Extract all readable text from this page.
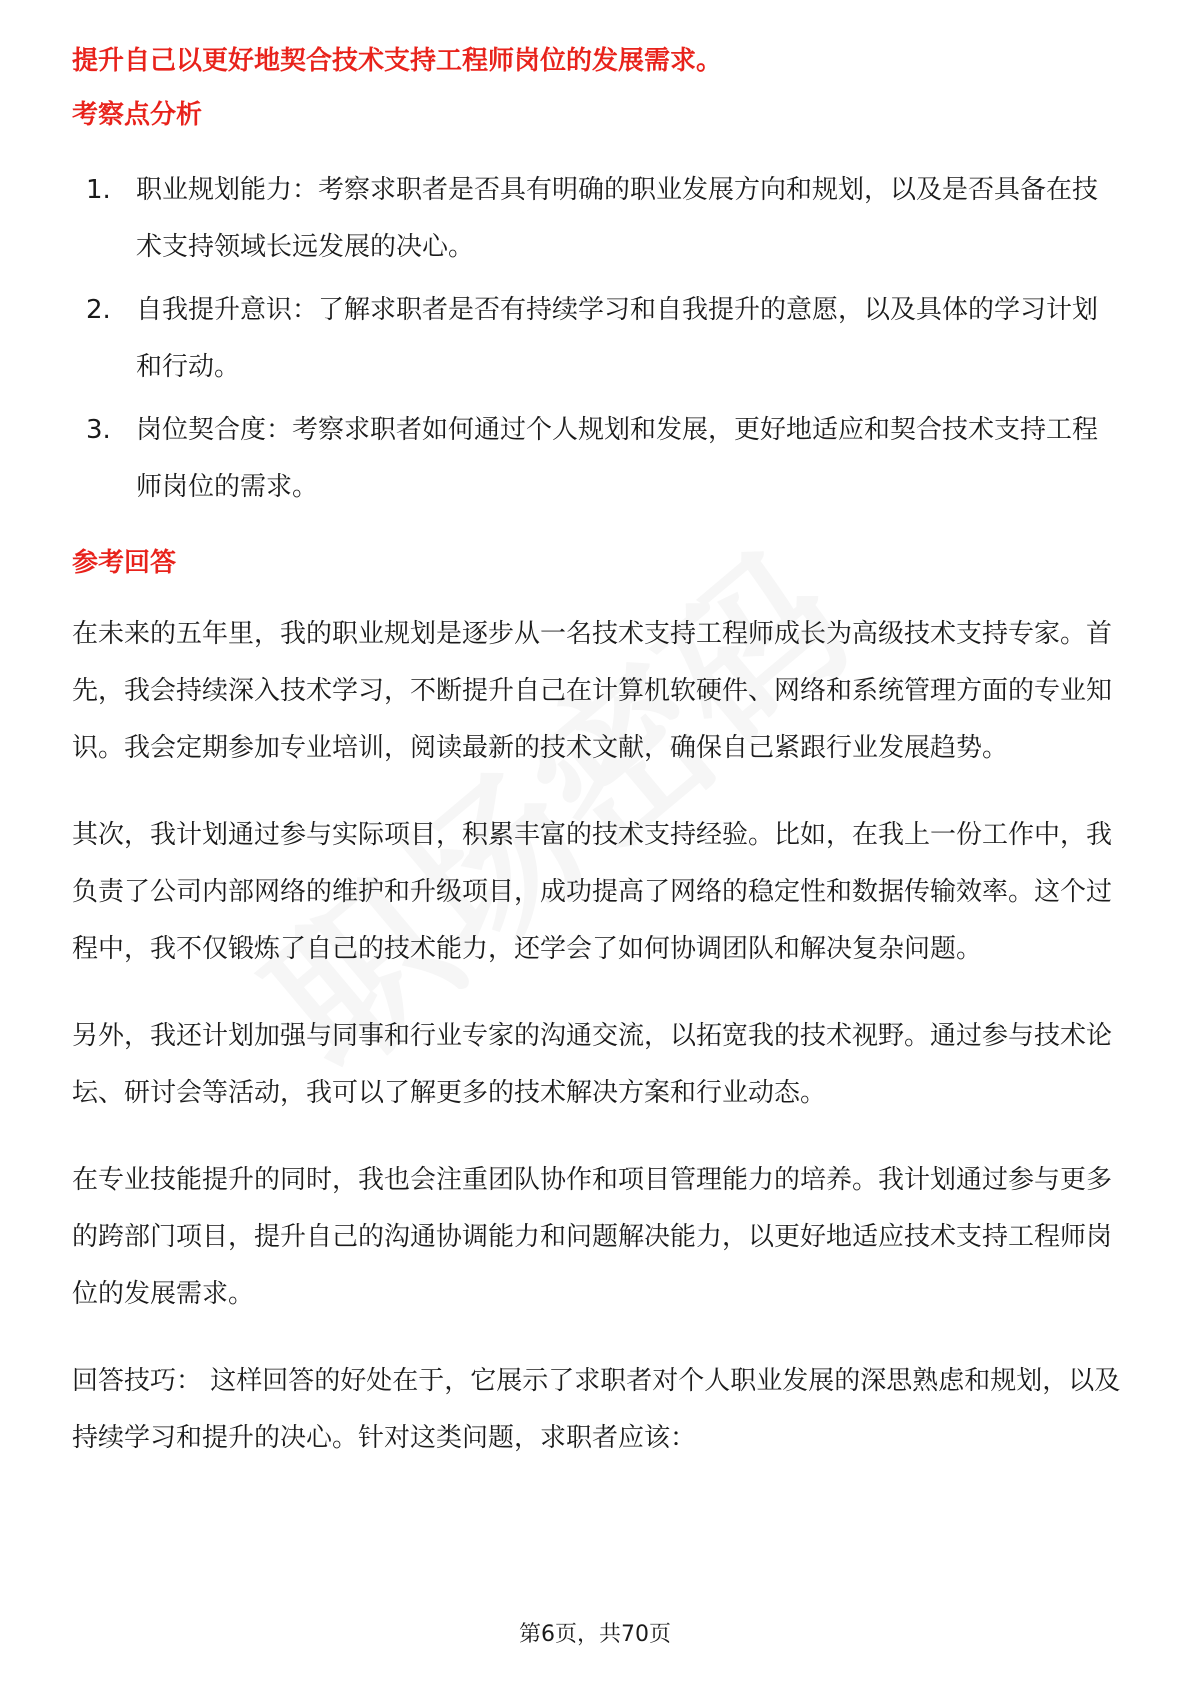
提升自己以更好地契合技术支持工程师岗位的发展需求。

考察点分析
1. 职业规划能力：考察求职者是否具有明确的职业发展方向和规划，以及是否具备在技术支持领域长远发展的决心。
2. 自我提升意识：了解求职者是否有持续学习和自我提升的意愿，以及具体的学习计划和行动。
3. 岗位契合度：考察求职者如何通过个人规划和发展，更好地适应和契合技术支持工程师岗位的需求。
参考回答

在未来的五年里，我的职业规划是逐步从一名技术支持工程师成长为高级技术支持专家。首先，我会持续深入技术学习，不断提升自己在计算机软硬件、网络和系统管理方面的专业知识。我会定期参加专业培训，阅读最新的技术文献，确保自己紧跟行业发展趋势。

其次，我计划通过参与实际项目，积累丰富的技术支持经验。比如，在我上一份工作中，我负责了公司内部网络的维护和升级项目，成功提高了网络的稳定性和数据传输效率。这个过程中，我不仅锻炼了自己的技术能力，还学会了如何协调团队和解决复杂问题。

另外，我还计划加强与同事和行业专家的沟通交流，以拓宽我的技术视野。通过参与技术论坛、研讨会等活动，我可以了解更多的技术解决方案和行业动态。

在专业技能提升的同时，我也会注重团队协作和项目管理能力的培养。我计划通过参与更多的跨部门项目，提升自己的沟通协调能力和问题解决能力，以更好地适应技术支持工程师岗位的发展需求。

回答技巧： 这样回答的好处在于，它展示了求职者对个人职业发展的深思熟虑和规划，以及持续学习和提升的决心。针对这类问题，求职者应该：

第6页，共70页
